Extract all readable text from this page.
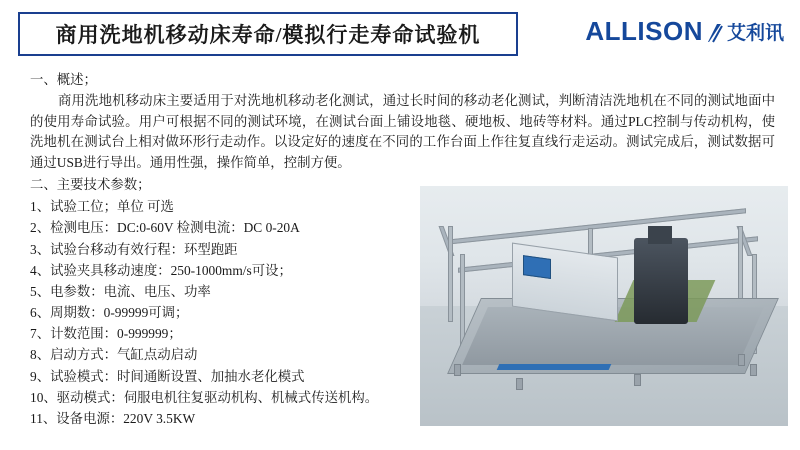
商用洗地机移动床寿命/模拟行走寿命试验机	ALLISON 艾利讯
一、概述；
商用洗地机移动床主要适用于对洗地机移动老化测试，通过长时间的移动老化测试，判断清洁洗地机在不同的测试地面中的使用寿命试验。用户可根据不同的测试环境，在测试台面上铺设地毯、硬地板、地砖等材料。通过PLC控制与传动机构，使洗地机在测试台上相对做环形行走动作。以设定好的速度在不同的工作台面上作往复直线行走运动。测试完成后，测试数据可通过USB进行导出。通用性强，操作简单，控制方便。
二、主要技术参数；
1、试验工位；单位 可选
2、检测电压：DC:0-60V 检测电流：DC 0-20A
3、试验台移动有效行程：环型跑距
4、试验夹具移动速度：250-1000mm/s可设；
5、电参数：电流、电压、功率
6、周期数：0-99999可调；
7、计数范围：0-999999；
8、启动方式：气缸点动启动
9、试验模式：时间通断设置、加抽水老化模式
10、驱动模式：伺服电机往复驱动机构、机械式传送机构。
11、设备电源：220V 3.5KW
